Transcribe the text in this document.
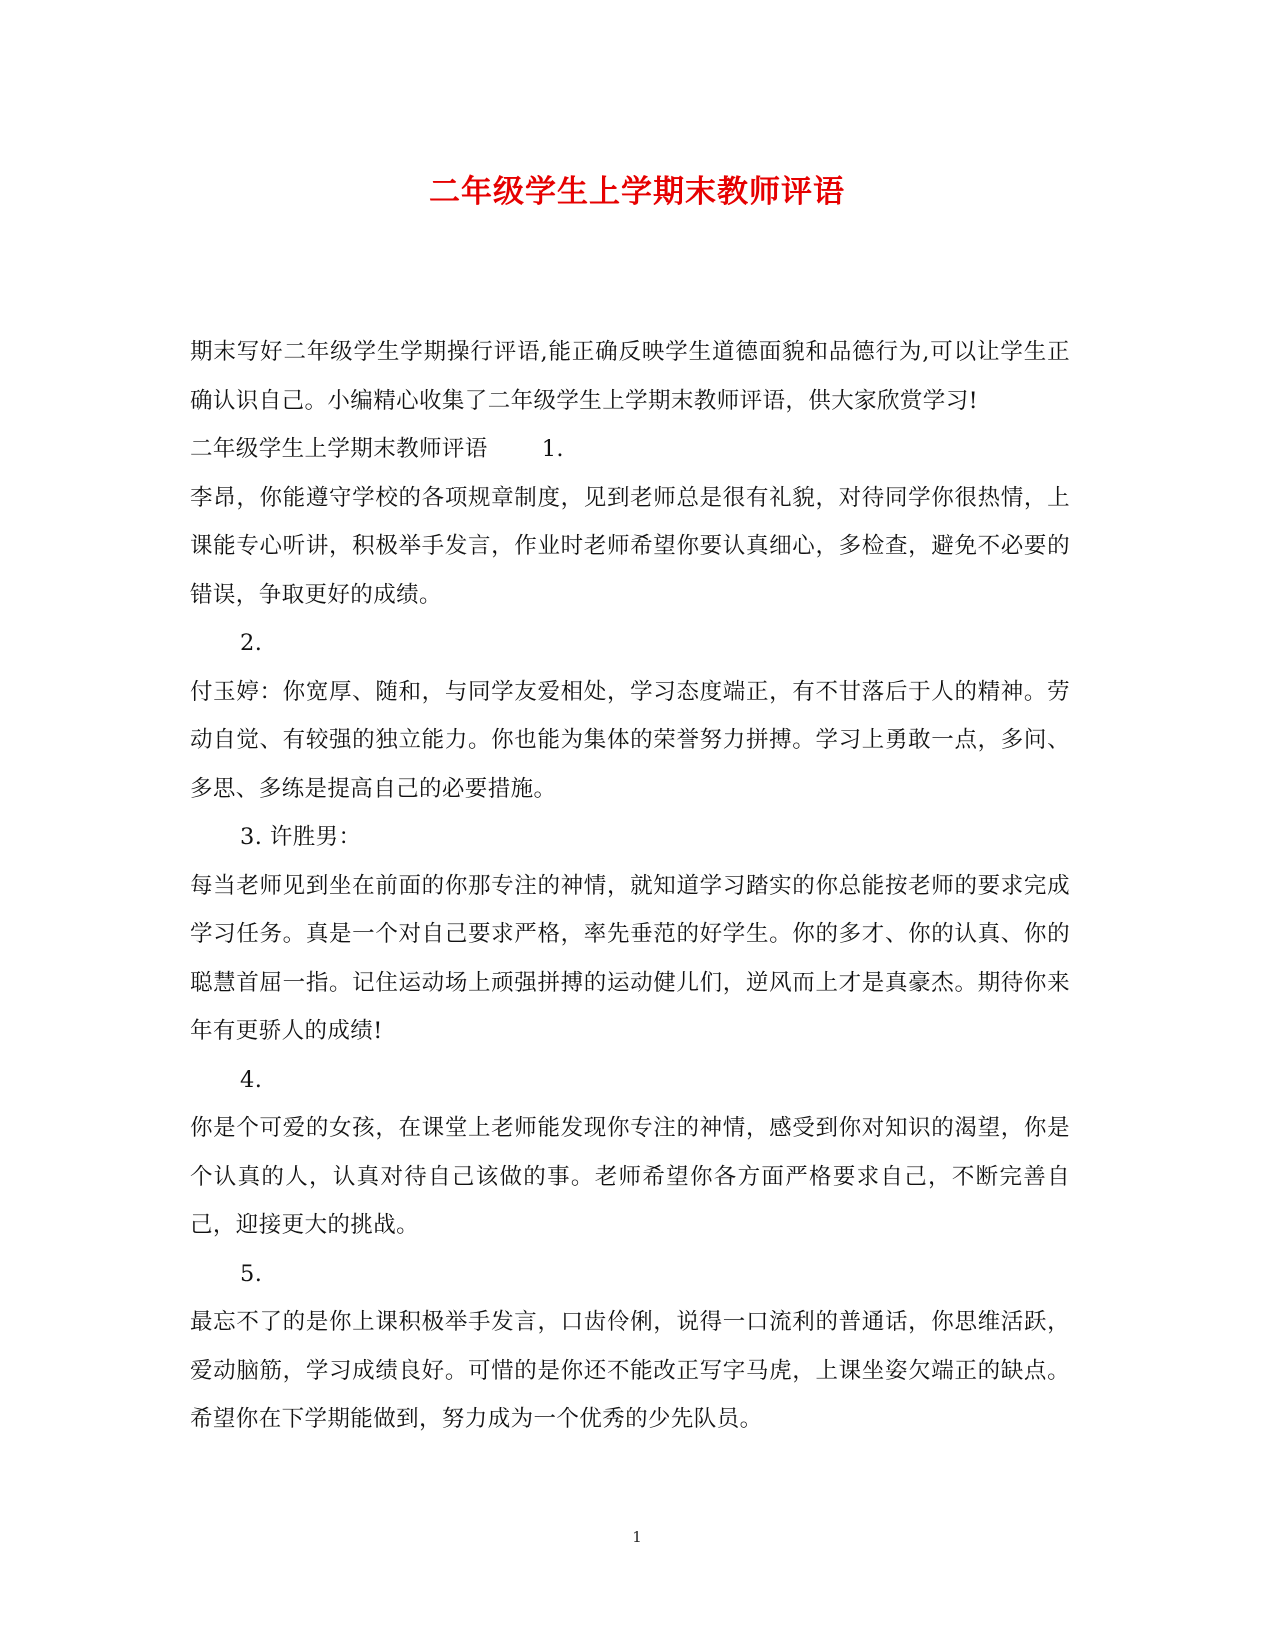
二年级学生上学期末教师评语

期末写好二年级学生学期操行评语,能正确反映学生道德面貌和品德行为,可以让学生正确认识自己。小编精心收集了二年级学生上学期末教师评语，供大家欣赏学习!

二年级学生上学期末教师评语 1.

李昂，你能遵守学校的各项规章制度，见到老师总是很有礼貌，对待同学你很热情，上课能专心听讲，积极举手发言，作业时老师希望你要认真细心，多检查，避免不必要的错误，争取更好的成绩。

2.

付玉婷：你宽厚、随和，与同学友爱相处，学习态度端正，有不甘落后于人的精神。劳动自觉、有较强的独立能力。你也能为集体的荣誉努力拼搏。学习上勇敢一点，多问、多思、多练是提高自己的必要措施。

3. 许胜男：

每当老师见到坐在前面的你那专注的神情，就知道学习踏实的你总能按老师的要求完成学习任务。真是一个对自己要求严格，率先垂范的好学生。你的多才、你的认真、你的聪慧首屈一指。记住运动场上顽强拼搏的运动健儿们，逆风而上才是真豪杰。期待你来年有更骄人的成绩!

4.

你是个可爱的女孩，在课堂上老师能发现你专注的神情，感受到你对知识的渴望，你是个认真的人，认真对待自己该做的事。老师希望你各方面严格要求自己，不断完善自己，迎接更大的挑战。

5.

最忘不了的是你上课积极举手发言，口齿伶俐，说得一口流利的普通话，你思维活跃，爱动脑筋，学习成绩良好。可惜的是你还不能改正写字马虎，上课坐姿欠端正的缺点。希望你在下学期能做到，努力成为一个优秀的少先队员。

1
